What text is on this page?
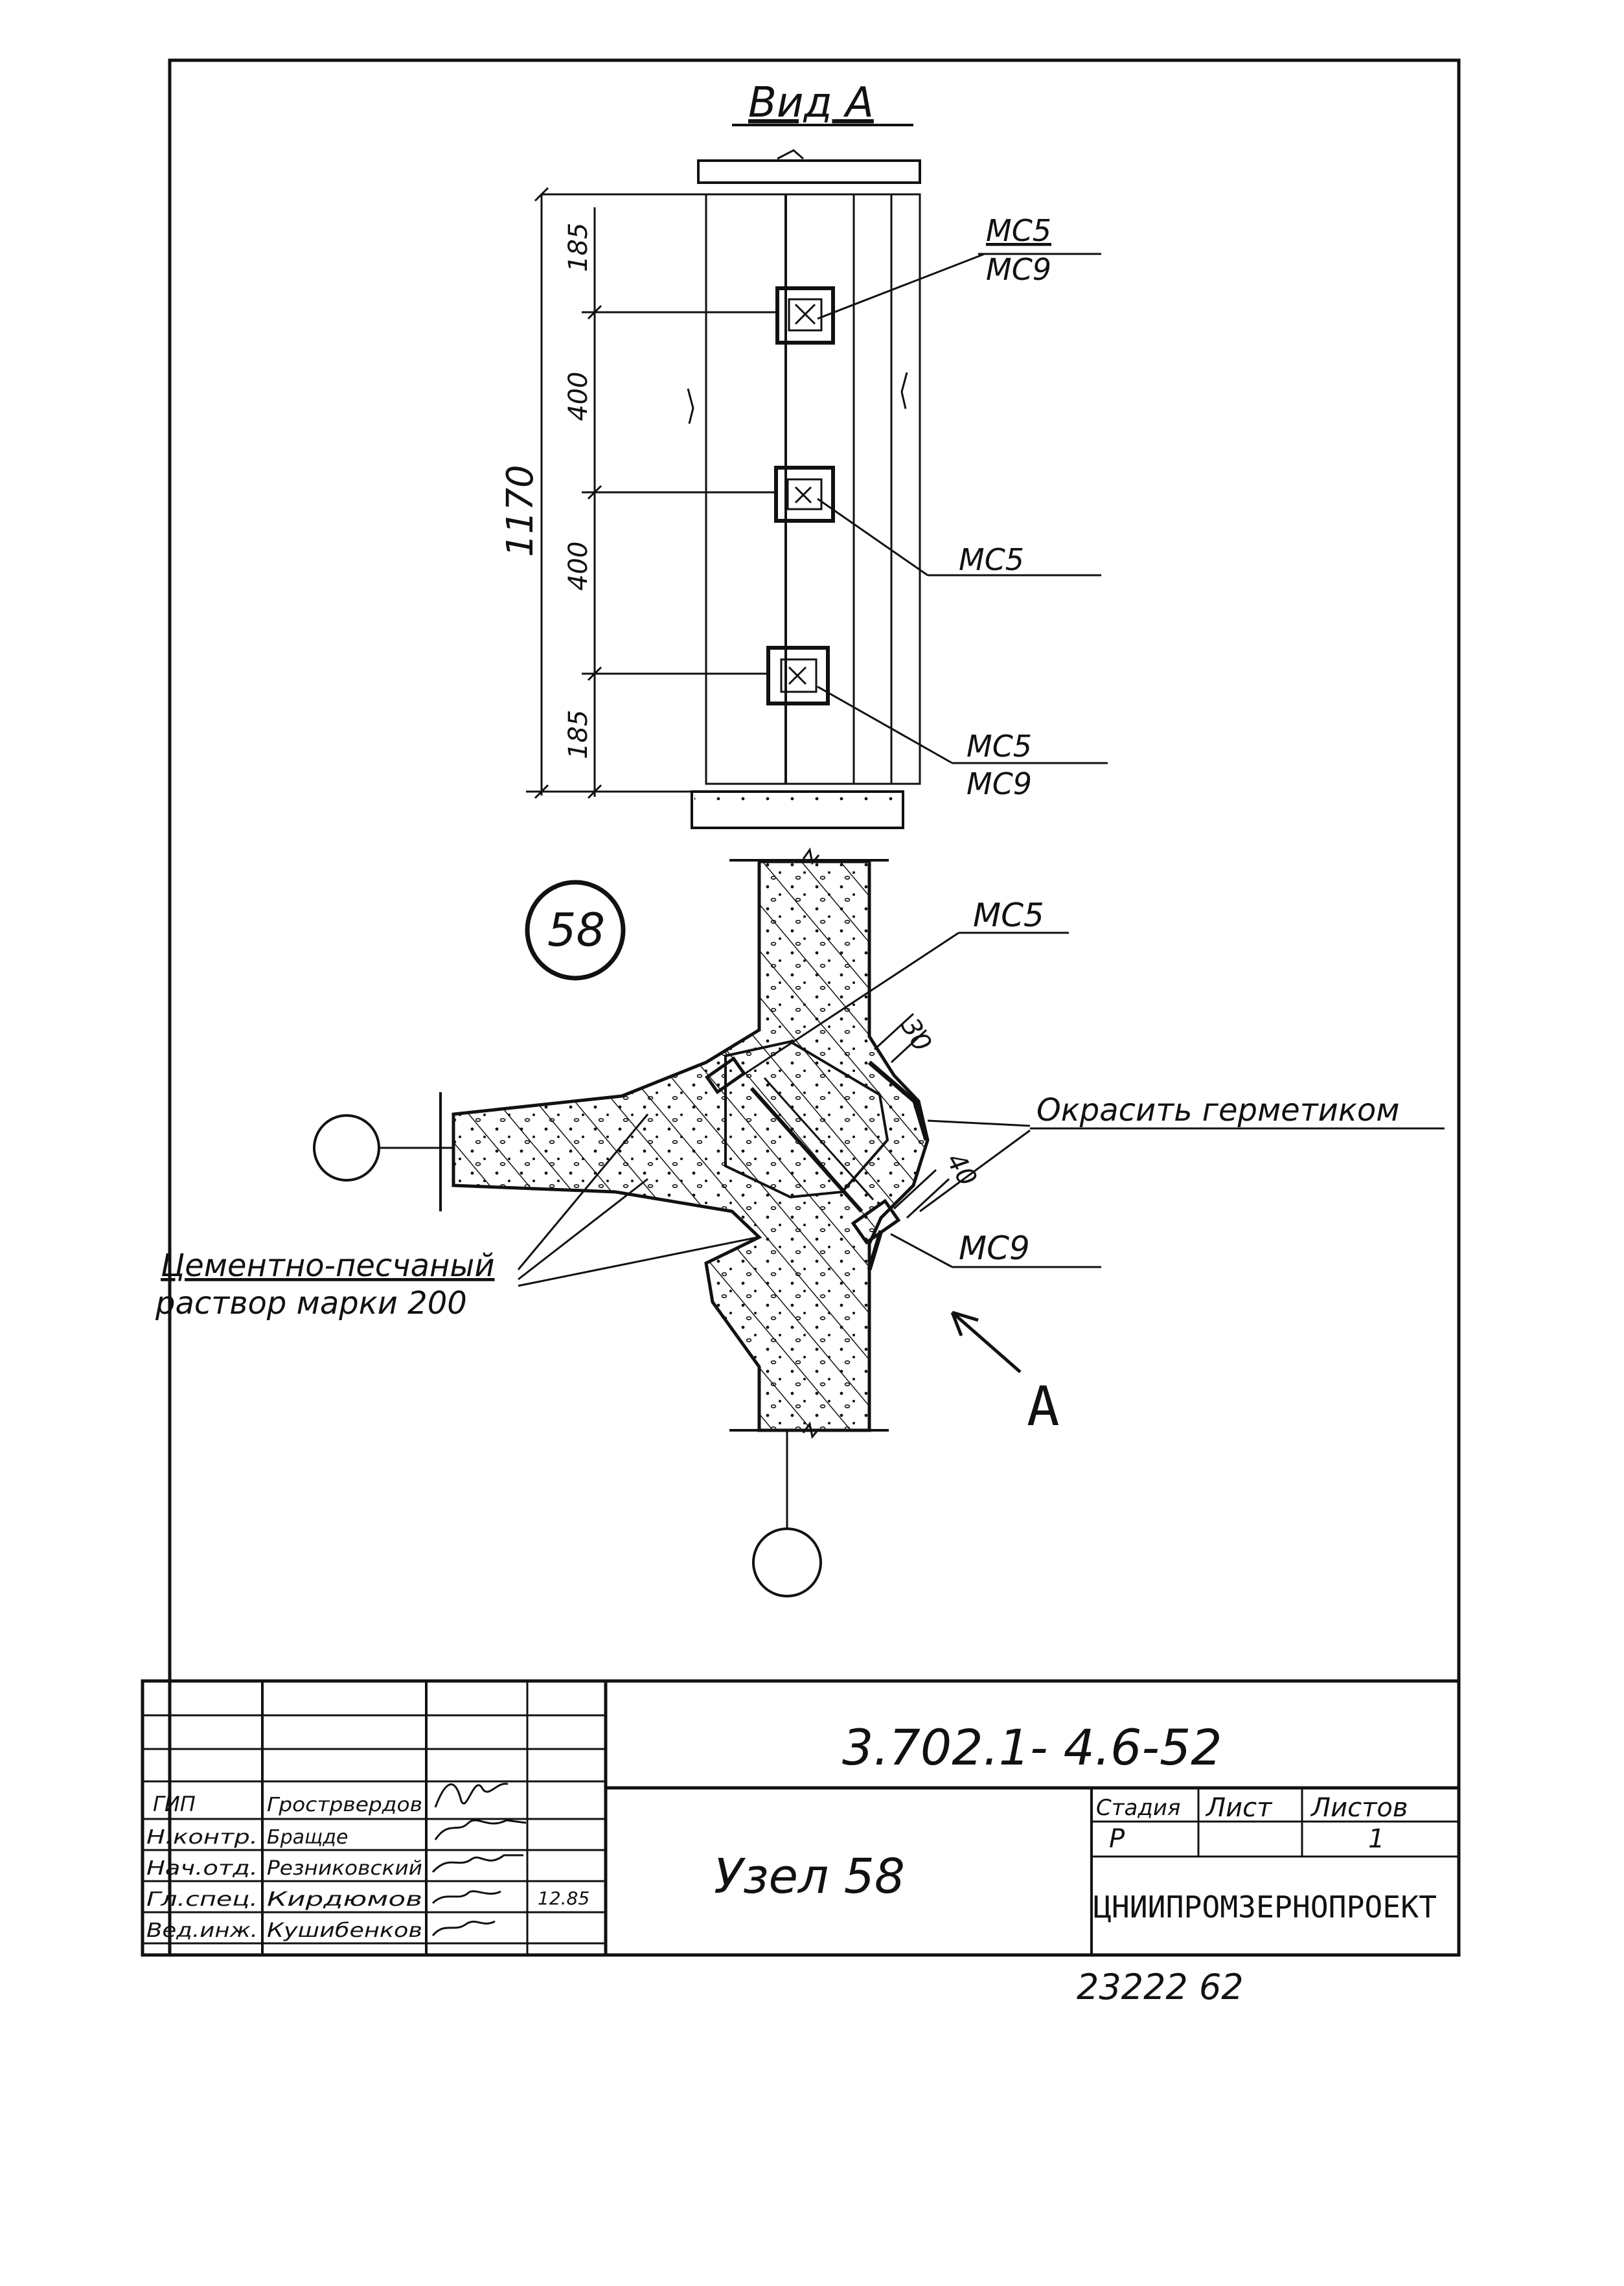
Вид А
1170
185
400
400
185
МС5
МС9
МС5
МС5
МС9
58
30
40
МС5
МС9
Окрасить герметиком
Цементно-песчаный
раствор марки 200
А
3.702.1- 4.6-52
Узел 58
Стадия Лист Листов
Р	1
ЦНИИПРОМЗЕРНОПРОЕКТ
ГИП
Н.контр.
Нач.отд.
Гл.спец.
Вед.инж.
Грострвердов
Бращде
Резниковский
Кирдюмов
Кушибенков
12.85
23222 62
